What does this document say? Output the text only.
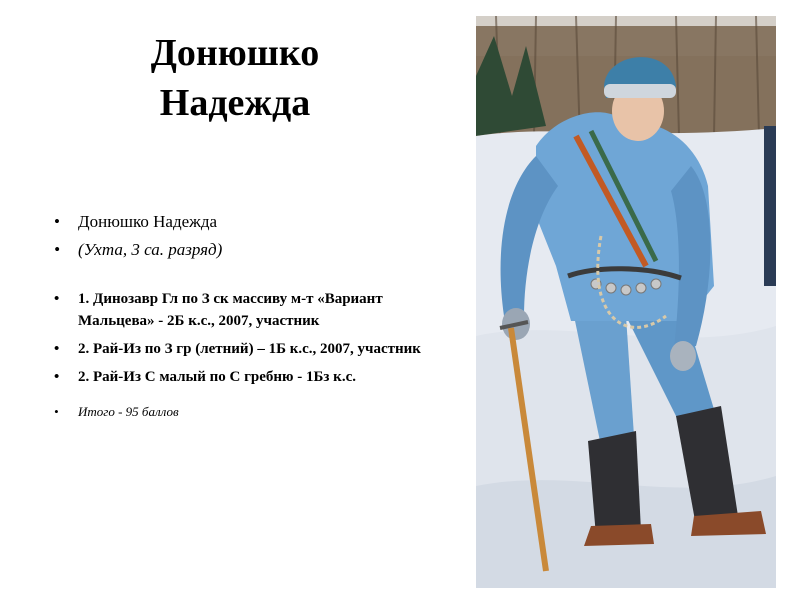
Донюшко
Надежда
• Донюшко Надежда
• (Ухта, 3 са. разряд)
• 1. Динозавр Гл по З ск массиву м-т «Вариант Мальцева» - 2Б к.с., 2007, участник
• 2. Рай-Из по З гр (летний) – 1Б к.с., 2007, участник
• 2. Рай-Из С малый по С гребню - 1Бз к.с.
• Итого - 95 баллов
